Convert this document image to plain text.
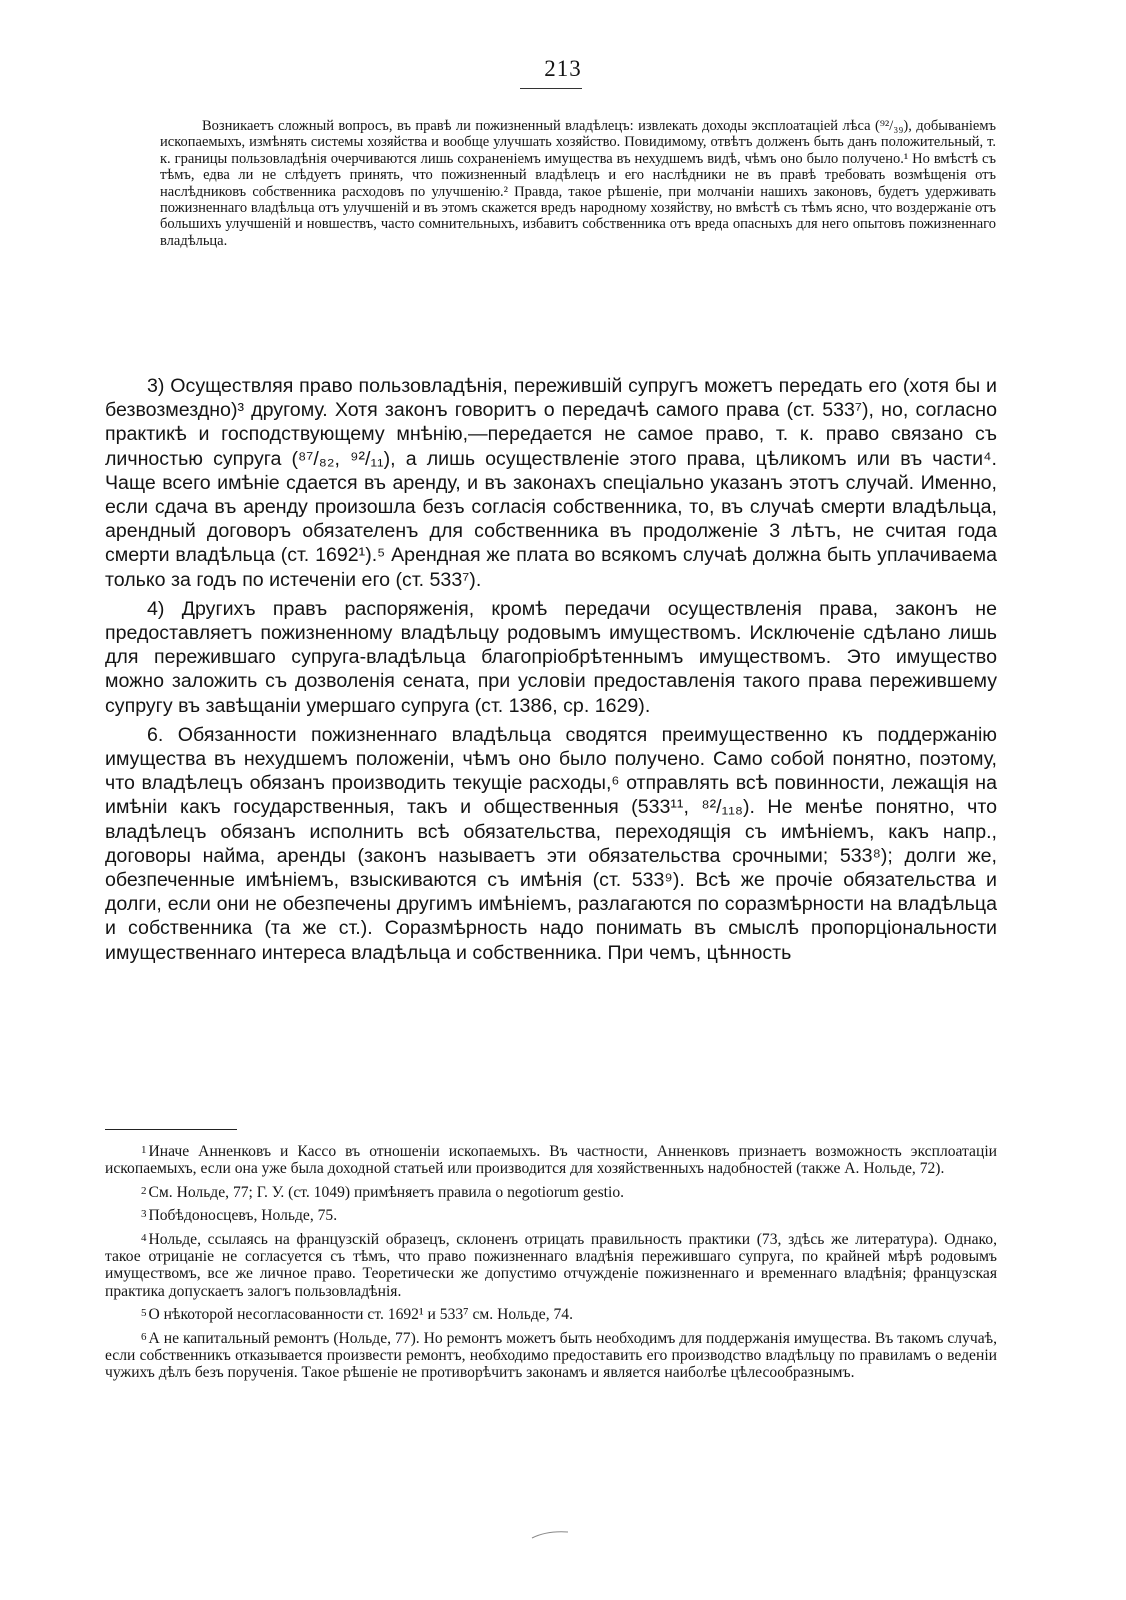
213
Возникаетъ сложный вопросъ, въ правѣ ли пожизненный владѣлецъ: извлекать доходы эксплоатаціей лѣса (⁹²/₃₉), добываніемъ ископаемыхъ, измѣнять системы хозяйства и вообще улучшать хозяйство. Повидимому, отвѣтъ долженъ быть данъ положительный, т. к. границы пользовладѣнія очерчиваются лишь сохраненіемъ имущества въ нехудшемъ видѣ, чѣмъ оно было получено.¹ Но вмѣстѣ съ тѣмъ, едва ли не слѣдуетъ принять, что пожизненный владѣлецъ и его наслѣдники не въ правѣ требовать возмѣщенія отъ наслѣдниковъ собственника расходовъ по улучшенію.² Правда, такое рѣшеніе, при молчаніи нашихъ законовъ, будетъ удерживать пожизненнаго владѣльца отъ улучшеній и въ этомъ скажется вредъ народному хозяйству, но вмѣстѣ съ тѣмъ ясно, что воздержаніе отъ большихъ улучшеній и новшествъ, часто сомнительныхъ, избавитъ собственника отъ вреда опасныхъ для него опытовъ пожизненнаго владѣльца.

3) Осуществляя право пользовладѣнія, пережившій супругъ можетъ передать его (хотя бы и безвозмездно)³ другому. Хотя законъ говоритъ о передачѣ самого права (ст. 533⁷), но, согласно практикѣ и господствующему мнѣнію,—передается не самое право, т. к. право связано съ личностью супруга (⁸⁷/₈₂, ⁹²/₁₁), а лишь осуществленіе этого права, цѣликомъ или въ части⁴. Чаще всего имѣніе сдается въ аренду, и въ законахъ спеціально указанъ этотъ случай. Именно, если сдача въ аренду произошла безъ согласія собственника, то, въ случаѣ смерти владѣльца, арендный договоръ обязателенъ для собственника въ продолженіе 3 лѣтъ, не считая года смерти владѣльца (ст. 1692¹).⁵ Арендная же плата во всякомъ случаѣ должна быть уплачиваема только за годъ по истеченіи его (ст. 533⁷).

4) Другихъ правъ распоряженія, кромѣ передачи осуществленія права, законъ не предоставляетъ пожизненному владѣльцу родовымъ имуществомъ. Исключеніе сдѣлано лишь для пережившаго супруга-владѣльца благопріобрѣтеннымъ имуществомъ. Это имущество можно заложить съ дозволенія сената, при условіи предоставленія такого права пережившему супругу въ завѣщаніи умершаго супруга (ст. 1386, ср. 1629).

6. Обязанности пожизненнаго владѣльца сводятся преимущественно къ поддержанію имущества въ нехудшемъ положеніи, чѣмъ оно было получено. Само собой понятно, поэтому, что владѣлецъ обязанъ производить текущіе расходы,⁶ отправлять всѣ повинности, лежащія на имѣніи какъ государственныя, такъ и общественныя (533¹¹, ⁸²/₁₁₈). Не менѣе понятно, что владѣлецъ обязанъ исполнить всѣ обязательства, переходящія съ имѣніемъ, какъ напр., договоры найма, аренды (законъ называетъ эти обязательства срочными; 533⁸); долги же, обезпеченные имѣніемъ, взыскиваются съ имѣнія (ст. 533⁹). Всѣ же прочіе обязательства и долги, если они не обезпечены другимъ имѣніемъ, разлагаются по соразмѣрности на владѣльца и собственника (та же ст.). Соразмѣрность надо понимать въ смыслѣ пропорціональности имущественнаго интереса владѣльца и собственника. При чемъ, цѣнность

1 Иначе Анненковъ и Кассо въ отношеніи ископаемыхъ. Въ частности, Анненковъ признаетъ возможность эксплоатаціи ископаемыхъ, если она уже была доходной статьей или производится для хозяйственныхъ надобностей (также А. Нольде, 72).
2 См. Нольде, 77; Г. У. (ст. 1049) примѣняетъ правила о negotiorum gestio.
3 Побѣдоносцевъ, Нольде, 75.
4 Нольде, ссылаясь на французскій образецъ, склоненъ отрицать правильность практики (73, здѣсь же литература). Однако, такое отрицаніе не согласуется съ тѣмъ, что право пожизненнаго владѣнія пережившаго супруга, по крайней мѣрѣ родовымъ имуществомъ, все же личное право. Теоретически же допустимо отчужденіе пожизненнаго и временнаго владѣнія; французская практика допускаетъ залогъ пользовладѣнія.
5 О нѣкоторой несогласованности ст. 1692¹ и 533⁷ см. Нольде, 74.
6 А не капитальный ремонтъ (Нольде, 77). Но ремонтъ можетъ быть необходимъ для поддержанія имущества. Въ такомъ случаѣ, если собственникъ отказывается произвести ремонтъ, необходимо предоставить его производство владѣльцу по правиламъ о веденіи чужихъ дѣлъ безъ порученія. Такое рѣшеніе не противорѣчитъ законамъ и является наиболѣе цѣлесообразнымъ.
